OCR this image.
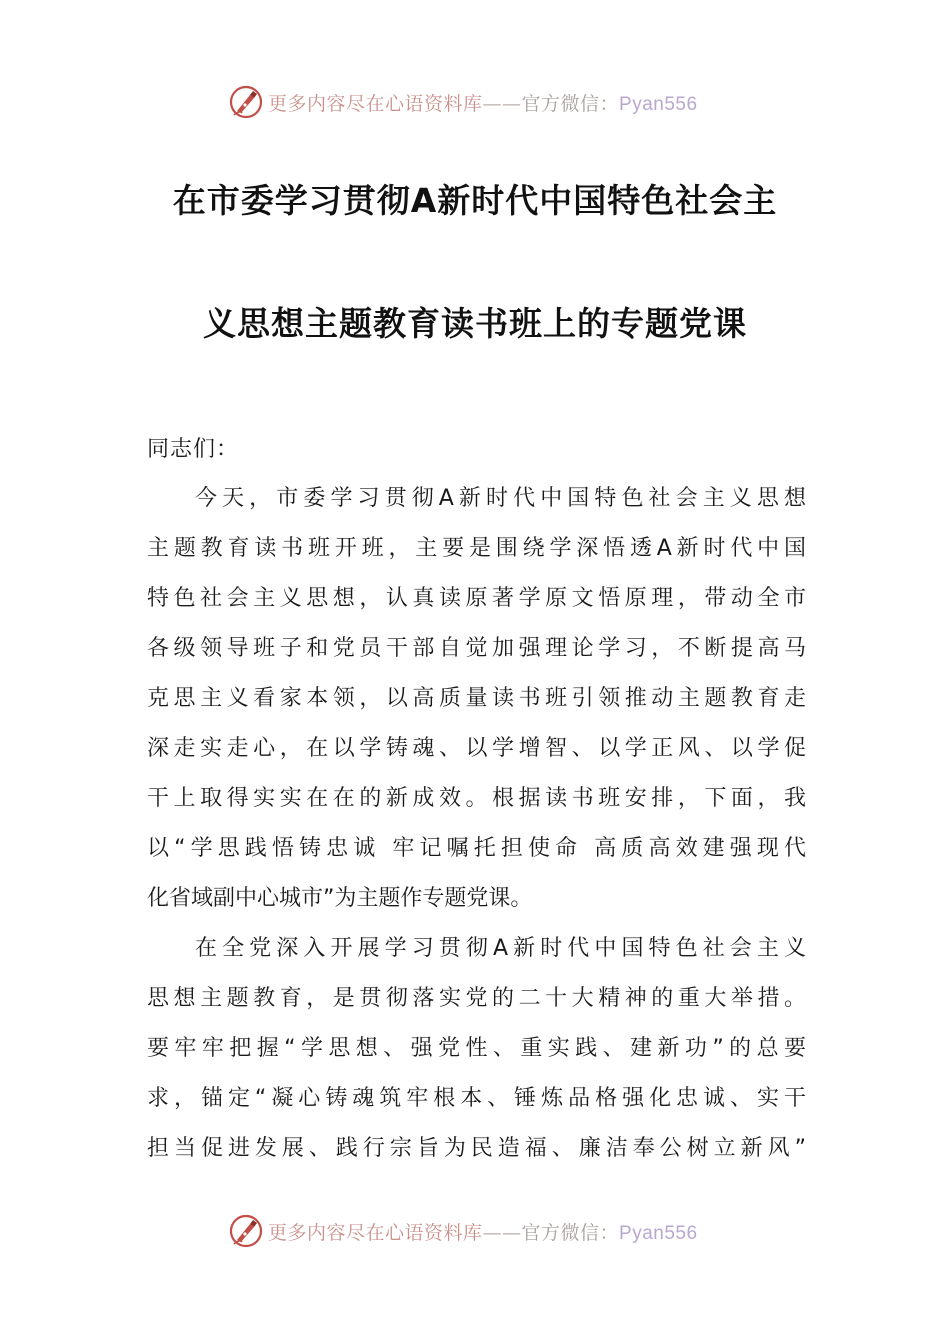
更多内容尽在心语资料库——官方微信：Pyan556
在市委学习贯彻A新时代中国特色社会主
义思想主题教育读书班上的专题党课
同志们：
今天，市委学习贯彻A新时代中国特色社会主义思想
主题教育读书班开班，主要是围绕学深悟透A新时代中国
特色社会主义思想，认真读原著学原文悟原理，带动全市
各级领导班子和党员干部自觉加强理论学习，不断提高马
克思主义看家本领，以高质量读书班引领推动主题教育走
深走实走心，在以学铸魂、以学增智、以学正风、以学促
干上取得实实在在的新成效。根据读书班安排，下面，我
以“学思践悟铸忠诚 牢记嘱托担使命 高质高效建强现代
化省域副中心城市”为主题作专题党课。
在全党深入开展学习贯彻A新时代中国特色社会主义
思想主题教育，是贯彻落实党的二十大精神的重大举措。
要牢牢把握“学思想、强党性、重实践、建新功”的总要
求，锚定“凝心铸魂筑牢根本、锤炼品格强化忠诚、实干
担当促进发展、践行宗旨为民造福、廉洁奉公树立新风”
更多内容尽在心语资料库——官方微信：Pyan556
